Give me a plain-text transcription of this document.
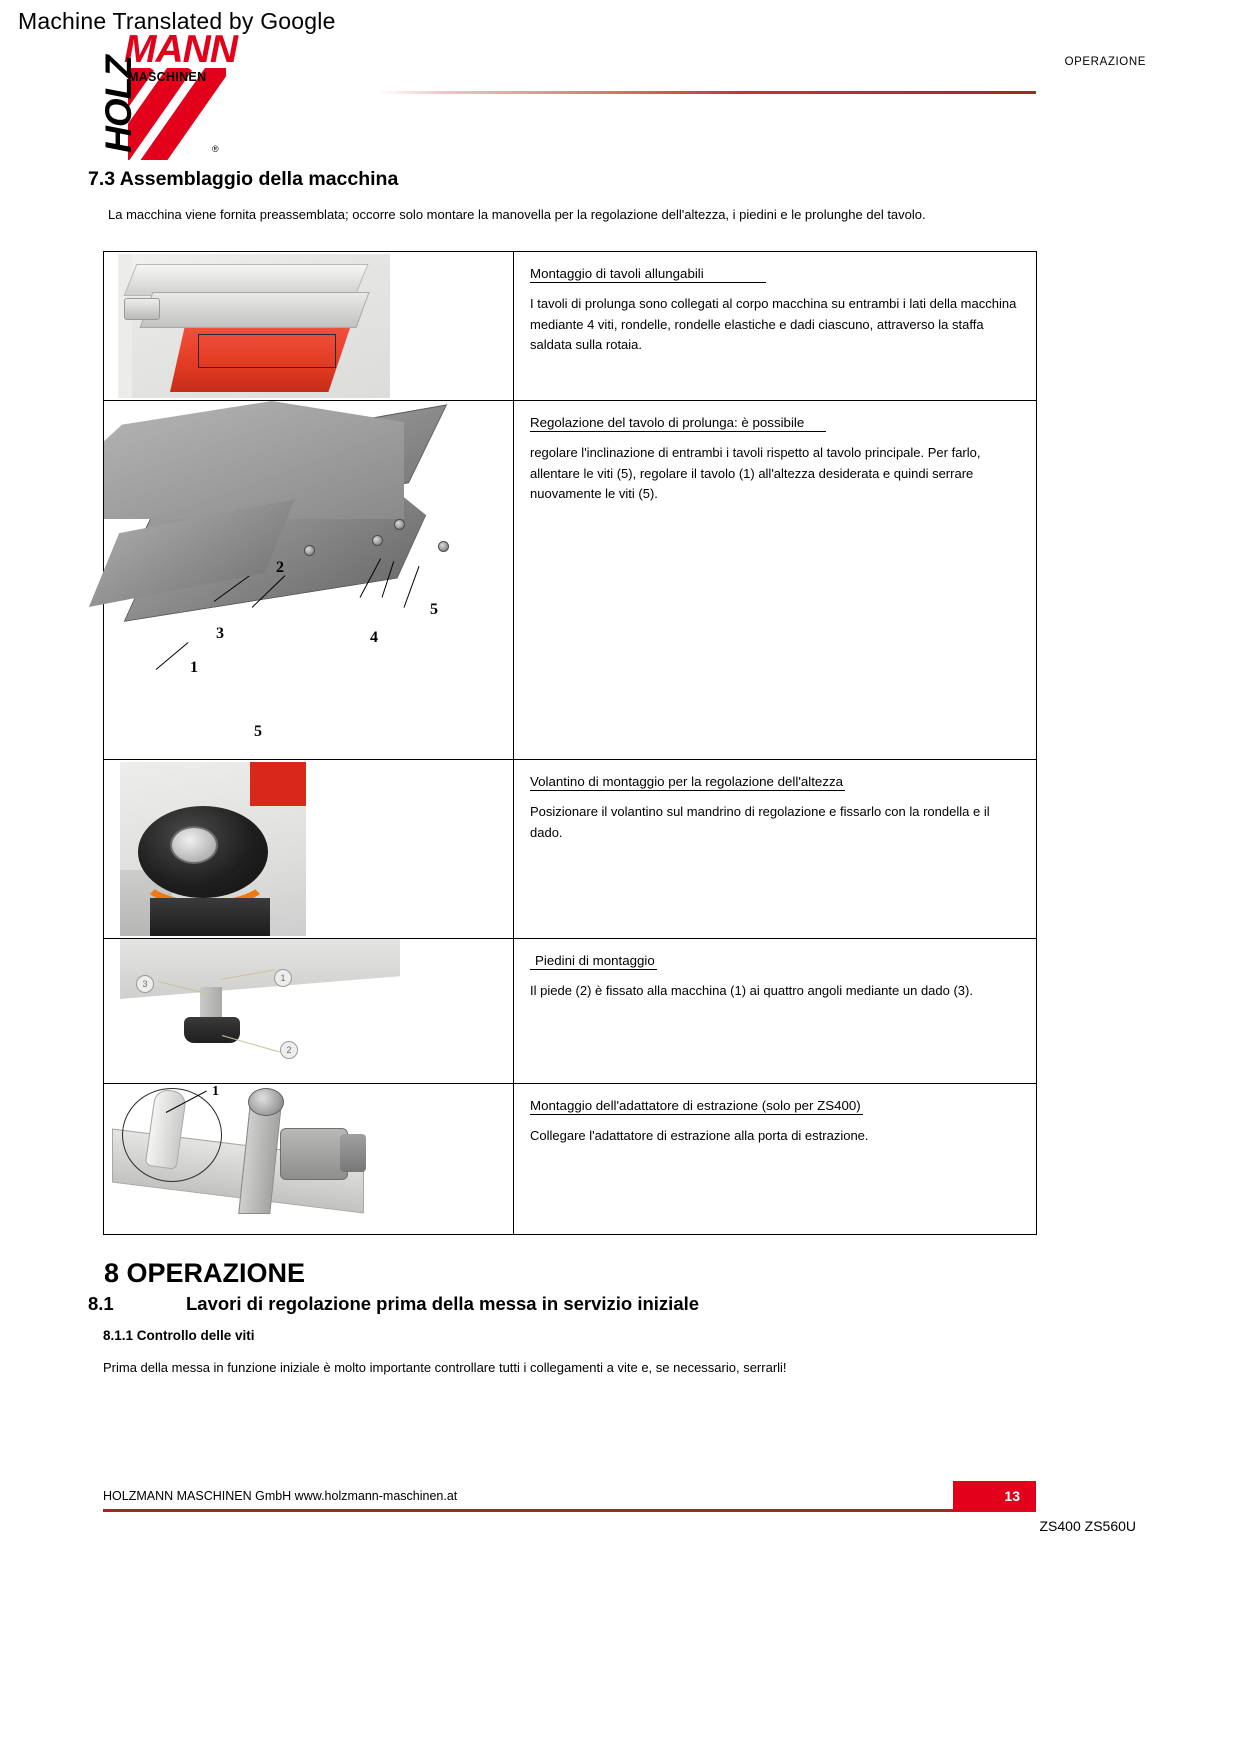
Machine Translated by Google
MANN
MASCHINEN
HOLZ	®
OPERAZIONE
7.3 Assemblaggio della macchina
La macchina viene fornita preassemblata; occorre solo montare la manovella per la regolazione dell'altezza, i piedini e le prolunghe del tavolo.

	Montaggio di tavoli allungabili
I tavoli di prolunga sono collegati al corpo macchina su entrambi i lati della macchina mediante 4 viti, rondelle, rondelle elastiche e dadi ciascuno, attraverso la staffa saldata sulla rotaia.

2
3	4
5
1
5

Regolazione del tavolo di prolunga: è possibile
regolare l'inclinazione di entrambi i tavoli rispetto al tavolo principale. Per farlo, allentare le viti (5), regolare il tavolo (1) all'altezza desiderata e quindi serrare nuovamente le viti (5).

	Volantino di montaggio per la regolazione dell'altezza
Posizionare il volantino sul mandrino di regolazione e fissarlo con la rondella e il dado.

1
2
3

Piedini di montaggio
Il piede (2) è fissato alla macchina (1) ai quattro angoli mediante un dado (3).

1	Montaggio dell'adattatore di estrazione (solo per ZS400)
Collegare l'adattatore di estrazione alla porta di estrazione.
8 OPERAZIONE
8.1	Lavori di regolazione prima della messa in servizio iniziale
8.1.1 Controllo delle viti
Prima della messa in funzione iniziale è molto importante controllare tutti i collegamenti a vite e, se necessario, serrarli!
HOLZMANN MASCHINEN GmbH www.holzmann-maschinen.at	13
ZS400 ZS560U
